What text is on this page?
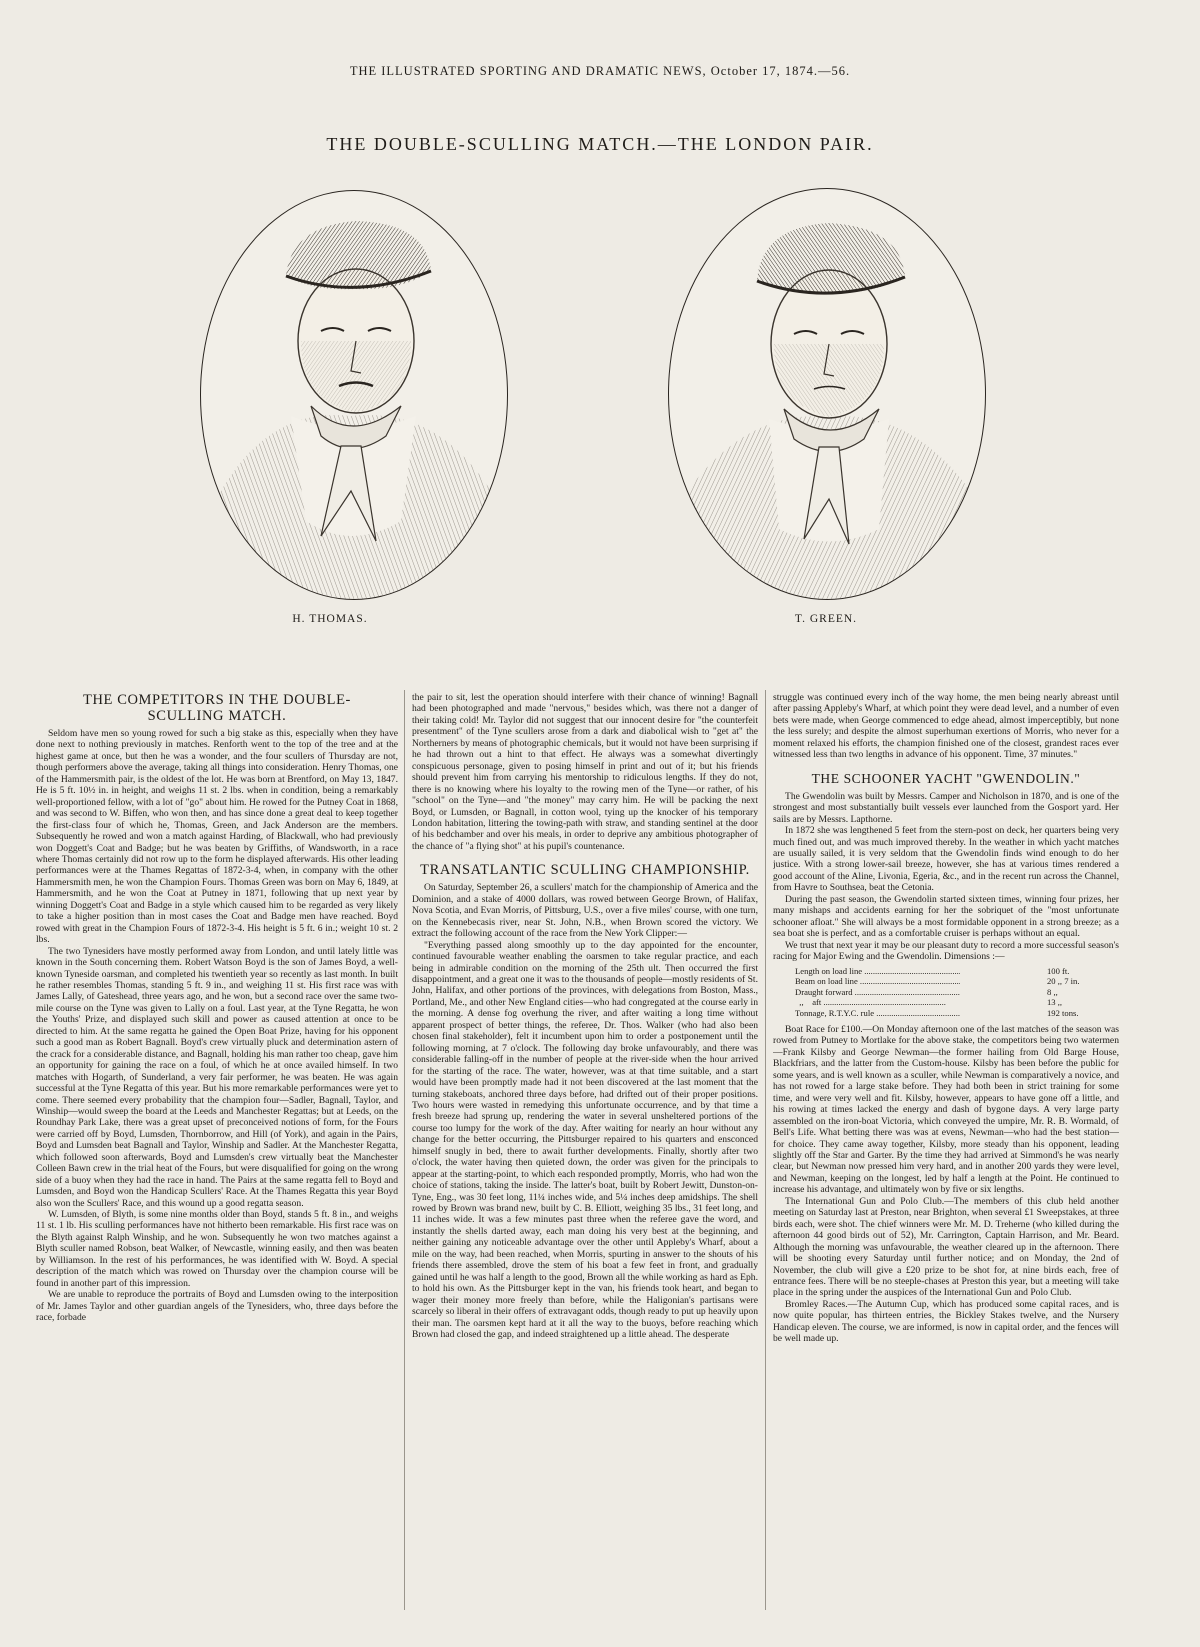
THE ILLUSTRATED SPORTING AND DRAMATIC NEWS, October 17, 1874.—56.
THE DOUBLE-SCULLING MATCH.—THE LONDON PAIR.
H. THOMAS.	T. GREEN.
THE COMPETITORS IN THE DOUBLE-SCULLING MATCH.

Seldom have men so young rowed for such a big stake as this, especially when they have done next to nothing previously in matches. Renforth went to the top of the tree and at the highest game at once, but then he was a wonder, and the four scullers of Thursday are not, though performers above the average, taking all things into consideration. Henry Thomas, one of the Hammersmith pair, is the oldest of the lot. He was born at Brentford, on May 13, 1847. He is 5 ft. 10½ in. in height, and weighs 11 st. 2 lbs. when in condition, being a remarkably well-proportioned fellow, with a lot of "go" about him. He rowed for the Putney Coat in 1868, and was second to W. Biffen, who won then, and has since done a great deal to keep together the first-class four of which he, Thomas, Green, and Jack Anderson are the members. Subsequently he rowed and won a match against Harding, of Blackwall, who had previously won Doggett's Coat and Badge; but he was beaten by Griffiths, of Wandsworth, in a race where Thomas certainly did not row up to the form he displayed afterwards. His other leading performances were at the Thames Regattas of 1872-3-4, when, in company with the other Hammersmith men, he won the Champion Fours. Thomas Green was born on May 6, 1849, at Hammersmith, and he won the Coat at Putney in 1871, following that up next year by winning Doggett's Coat and Badge in a style which caused him to be regarded as very likely to take a higher position than in most cases the Coat and Badge men have reached. Boyd rowed with great in the Champion Fours of 1872-3-4. His height is 5 ft. 6 in.; weight 10 st. 2 lbs.

The two Tynesiders have mostly performed away from London, and until lately little was known in the South concerning them. Robert Watson Boyd is the son of James Boyd, a well-known Tyneside oarsman, and completed his twentieth year so recently as last month. In built he rather resembles Thomas, standing 5 ft. 9 in., and weighing 11 st. His first race was with James Lally, of Gateshead, three years ago, and he won, but a second race over the same two-mile course on the Tyne was given to Lally on a foul. Last year, at the Tyne Regatta, he won the Youths' Prize, and displayed such skill and power as caused attention at once to be directed to him. At the same regatta he gained the Open Boat Prize, having for his opponent such a good man as Robert Bagnall. Boyd's crew virtually pluck and determination astern of the crack for a considerable distance, and Bagnall, holding his man rather too cheap, gave him an opportunity for gaining the race on a foul, of which he at once availed himself. In two matches with Hogarth, of Sunderland, a very fair performer, he was beaten. He was again successful at the Tyne Regatta of this year. But his more remarkable performances were yet to come. There seemed every probability that the champion four—Sadler, Bagnall, Taylor, and Winship—would sweep the board at the Leeds and Manchester Regattas; but at Leeds, on the Roundhay Park Lake, there was a great upset of preconceived notions of form, for the Fours were carried off by Boyd, Lumsden, Thornborrow, and Hill (of York), and again in the Pairs, Boyd and Lumsden beat Bagnall and Taylor, Winship and Sadler. At the Manchester Regatta, which followed soon afterwards, Boyd and Lumsden's crew virtually beat the Manchester Colleen Bawn crew in the trial heat of the Fours, but were disqualified for going on the wrong side of a buoy when they had the race in hand. The Pairs at the same regatta fell to Boyd and Lumsden, and Boyd won the Handicap Scullers' Race. At the Thames Regatta this year Boyd also won the Scullers' Race, and this wound up a good regatta season.

W. Lumsden, of Blyth, is some nine months older than Boyd, stands 5 ft. 8 in., and weighs 11 st. 1 lb. His sculling performances have not hitherto been remarkable. His first race was on the Blyth against Ralph Winship, and he won. Subsequently he won two matches against a Blyth sculler named Robson, beat Walker, of Newcastle, winning easily, and then was beaten by Williamson. In the rest of his performances, he was identified with W. Boyd. A special description of the match which was rowed on Thursday over the champion course will be found in another part of this impression.

We are unable to reproduce the portraits of Boyd and Lumsden owing to the interposition of Mr. James Taylor and other guardian angels of the Tynesiders, who, three days before the race, forbade

the pair to sit, lest the operation should interfere with their chance of winning! Bagnall had been photographed and made "nervous," besides which, was there not a danger of their taking cold! Mr. Taylor did not suggest that our innocent desire for "the counterfeit presentment" of the Tyne scullers arose from a dark and diabolical wish to "get at" the Northerners by means of photographic chemicals, but it would not have been surprising if he had thrown out a hint to that effect. He always was a somewhat divertingly conspicuous personage, given to posing himself in print and out of it; but his friends should prevent him from carrying his mentorship to ridiculous lengths. If they do not, there is no knowing where his loyalty to the rowing men of the Tyne—or rather, of his "school" on the Tyne—and "the money" may carry him. He will be packing the next Boyd, or Lumsden, or Bagnall, in cotton wool, tying up the knocker of his temporary London habitation, littering the towing-path with straw, and standing sentinel at the door of his bedchamber and over his meals, in order to deprive any ambitious photographer of the chance of "a flying shot" at his pupil's countenance.

TRANSATLANTIC SCULLING CHAMPIONSHIP.

On Saturday, September 26, a scullers' match for the championship of America and the Dominion, and a stake of 4000 dollars, was rowed between George Brown, of Halifax, Nova Scotia, and Evan Morris, of Pittsburg, U.S., over a five miles' course, with one turn, on the Kennebecasis river, near St. John, N.B., when Brown scored the victory. We extract the following account of the race from the New York Clipper:—

"Everything passed along smoothly up to the day appointed for the encounter, continued favourable weather enabling the oarsmen to take regular practice, and each being in admirable condition on the morning of the 25th ult. Then occurred the first disappointment, and a great one it was to the thousands of people—mostly residents of St. John, Halifax, and other portions of the provinces, with delegations from Boston, Mass., Portland, Me., and other New England cities—who had congregated at the course early in the morning. A dense fog overhung the river, and after waiting a long time without apparent prospect of better things, the referee, Dr. Thos. Walker (who had also been chosen final stakeholder), felt it incumbent upon him to order a postponement until the following morning, at 7 o'clock. The following day broke unfavourably, and there was considerable falling-off in the number of people at the river-side when the hour arrived for the starting of the race. The water, however, was at that time suitable, and a start would have been promptly made had it not been discovered at the last moment that the turning stakeboats, anchored three days before, had drifted out of their proper positions. Two hours were wasted in remedying this unfortunate occurrence, and by that time a fresh breeze had sprung up, rendering the water in several unsheltered portions of the course too lumpy for the work of the day. After waiting for nearly an hour without any change for the better occurring, the Pittsburger repaired to his quarters and ensconced himself snugly in bed, there to await further developments. Finally, shortly after two o'clock, the water having then quieted down, the order was given for the principals to appear at the starting-point, to which each responded promptly, Morris, who had won the choice of stations, taking the inside. The latter's boat, built by Robert Jewitt, Dunston-on-Tyne, Eng., was 30 feet long, 11¼ inches wide, and 5¼ inches deep amidships. The shell rowed by Brown was brand new, built by C. B. Elliott, weighing 35 lbs., 31 feet long, and 11 inches wide. It was a few minutes past three when the referee gave the word, and instantly the shells darted away, each man doing his very best at the beginning, and neither gaining any noticeable advantage over the other until Appleby's Wharf, about a mile on the way, had been reached, when Morris, spurting in answer to the shouts of his friends there assembled, drove the stem of his boat a few feet in front, and gradually gained until he was half a length to the good, Brown all the while working as hard as Eph. to hold his own. As the Pittsburger kept in the van, his friends took heart, and began to wager their money more freely than before, while the Haligonian's partisans were scarcely so liberal in their offers of extravagant odds, though ready to put up heavily upon their man. The oarsmen kept hard at it all the way to the buoys, before reaching which Brown had closed the gap, and indeed straightened up a little ahead. The desperate

struggle was continued every inch of the way home, the men being nearly abreast until after passing Appleby's Wharf, at which point they were dead level, and a number of even bets were made, when George commenced to edge ahead, almost imperceptibly, but none the less surely; and despite the almost superhuman exertions of Morris, who never for a moment relaxed his efforts, the champion finished one of the closest, grandest races ever witnessed less than two lengths in advance of his opponent. Time, 37 minutes."

THE SCHOONER YACHT "GWENDOLIN."

The Gwendolin was built by Messrs. Camper and Nicholson in 1870, and is one of the strongest and most substantially built vessels ever launched from the Gosport yard. Her sails are by Messrs. Lapthorne.

In 1872 she was lengthened 5 feet from the stern-post on deck, her quarters being very much fined out, and was much improved thereby. In the weather in which yacht matches are usually sailed, it is very seldom that the Gwendolin finds wind enough to do her justice. With a strong lower-sail breeze, however, she has at various times rendered a good account of the Aline, Livonia, Egeria, &c., and in the recent run across the Channel, from Havre to Southsea, beat the Cetonia.

During the past season, the Gwendolin started sixteen times, winning four prizes, her many mishaps and accidents earning for her the sobriquet of the "most unfortunate schooner afloat." She will always be a most formidable opponent in a strong breeze; as a sea boat she is perfect, and as a comfortable cruiser is perhaps without an equal.

We trust that next year it may be our pleasant duty to record a more successful season's racing for Major Ewing and the Gwendolin. Dimensions :—

Length on load line .....	100 ft.
Beam on load line .....	20 ,, 7 in.
Draught forward .....	8 ,,
,,    aft .....	13 ,,
Tonnage, R.T.Y.C. rule .....	192 tons.

Boat Race for £100.—On Monday afternoon one of the last matches of the season was rowed from Putney to Mortlake for the above stake, the competitors being two watermen—Frank Kilsby and George Newman—the former hailing from Old Barge House, Blackfriars, and the latter from the Custom-house. Kilsby has been before the public for some years, and is well known as a sculler, while Newman is comparatively a novice, and has not rowed for a large stake before. They had both been in strict training for some time, and were very well and fit. Kilsby, however, appears to have gone off a little, and his rowing at times lacked the energy and dash of bygone days. A very large party assembled on the iron-boat Victoria, which conveyed the umpire, Mr. R. B. Wormald, of Bell's Life. What betting there was was at evens, Newman—who had the best station—for choice. They came away together, Kilsby, more steady than his opponent, leading slightly off the Star and Garter. By the time they had arrived at Simmond's he was nearly clear, but Newman now pressed him very hard, and in another 200 yards they were level, and Newman, keeping on the longest, led by half a length at the Point. He continued to increase his advantage, and ultimately won by five or six lengths.

The International Gun and Polo Club.—The members of this club held another meeting on Saturday last at Preston, near Brighton, when several £1 Sweepstakes, at three birds each, were shot. The chief winners were Mr. M. D. Treherne (who killed during the afternoon 44 good birds out of 52), Mr. Carrington, Captain Harrison, and Mr. Beard. Although the morning was unfavourable, the weather cleared up in the afternoon. There will be shooting every Saturday until further notice; and on Monday, the 2nd of November, the club will give a £20 prize to be shot for, at nine birds each, free of entrance fees. There will be no steeple-chases at Preston this year, but a meeting will take place in the spring under the auspices of the International Gun and Polo Club.

Bromley Races.—The Autumn Cup, which has produced some capital races, and is now quite popular, has thirteen entries, the Bickley Stakes twelve, and the Nursery Handicap eleven. The course, we are informed, is now in capital order, and the fences will be well made up.
